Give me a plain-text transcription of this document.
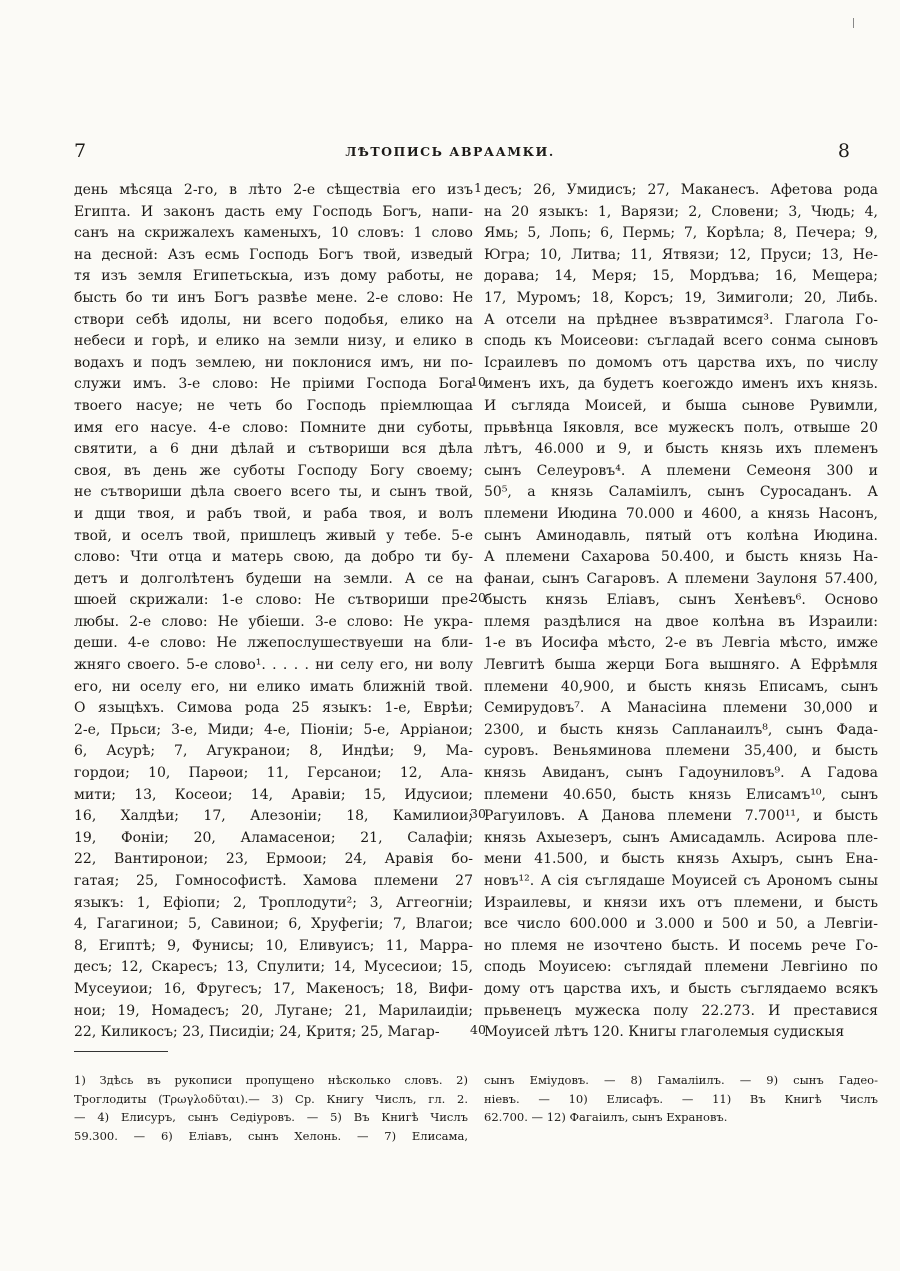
7	ЛѢТОПИСЬ АВРААМКИ.	8
день мѣсяца 2-го, в лѣто 2-е сѣществіа его изъ
Египта. И законъ дасть ему Господь Богъ, напи-
санъ на скрижалехъ каменыхъ, 10 словъ: 1 слово
на десной: Азъ есмь Господь Богъ твой, изведый
тя изъ земля Египетьскыа, изъ дому работы, не
бысть бо ти инъ Богъ развѣе мене. 2-е слово: Не
створи себѣ идолы, ни всего подобья, елико на
небеси и горѣ, и елико на земли низу, и елико в
водахъ и подъ землею, ни поклонися имъ, ни по-
служи имъ. 3-е слово: Не пріими Господа Бога
твоего насуе; не четь бо Господь пріемлющаа
имя его насуе. 4-е слово: Помните дни суботы,
святити, а 6 дни дѣлай и сътвориши вся дѣла
своя, въ день же суботы Господу Богу своему;
не сътвориши дѣла своего всего ты, и сынъ твой,
и дщи твоя, и рабъ твой, и раба твоя, и волъ
твой, и оселъ твой, пришлецъ живый у тебе. 5-е
слово: Чти отца и матерь свою, да добро ти бу-
детъ и долголѣтенъ будеши на земли. А се на
шюей скрижали: 1-е слово: Не сътвориши пре-
любы. 2-е слово: Не убіеши. 3-е слово: Не укра-
деши. 4-е слово: Не лжепослушествуеши на бли-
жняго своего. 5-е слово¹. . . . . ни селу его, ни волу
его, ни оселу его, ни елико имать ближній твой.
О языцѣхъ. Симова рода 25 языкъ: 1-е, Еврѣи;
2-е, Прьси; 3-е, Миди; 4-е, Піоніи; 5-е, Арріанои;
6, Асурѣ; 7, Агукранои; 8, Индѣи; 9, Ма-
гордои; 10, Парѳои; 11, Герсанои; 12, Ала-
мити; 13, Косеои; 14, Аравіи; 15, Идусиои;
16, Халдѣи; 17, Алезоніи; 18, Камилиои;
19, Фоніи; 20, Аламасенои; 21, Салафіи;
22, Вантиронои; 23, Ермоои; 24, Аравія бо-
гатая; 25, Гомнософистѣ. Хамова племени 27
языкъ: 1, Ефіопи; 2, Троплодути²; 3, Аггеогніи;
4, Гагагинои; 5, Савинои; 6, Хруфегіи; 7, Влагои;
8, Египтѣ; 9, Фунисы; 10, Еливуисъ; 11, Марра-
десъ; 12, Скаресъ; 13, Спулити; 14, Мусесиои; 15,
Мусеуиои; 16, Фругесъ; 17, Макеносъ; 18, Вифи-
нои; 19, Номадесъ; 20, Лугане; 21, Марилаидіи;
22, Киликосъ; 23, Писидіи; 24, Критя; 25, Магар-
1
10
20
30
40
десъ; 26, Умидисъ; 27, Маканесъ. Афетова рода
на 20 языкъ: 1, Варязи; 2, Словени; 3, Чюдь; 4,
Ямь; 5, Лопь; 6, Пермь; 7, Корѣла; 8, Печера; 9,
Югра; 10, Литва; 11, Ятвязи; 12, Пруси; 13, Не-
дорава; 14, Меря; 15, Мордъва; 16, Мещера;
17, Муромъ; 18, Корсъ; 19, Зимиголи; 20, Либь.
А отсели на прѣднее възвратимся³. Глагола Го-
сподь къ Моисеови: съгладай всего сонма сыновъ
Ісраилевъ по домомъ отъ царства ихъ, по числу
именъ ихъ, да будетъ коегождо именъ ихъ князь.
И съгляда Моисей, и быша сынове Рувимли,
прьвѣнца Іяковля, все мужескъ полъ, отвыше 20
лѣтъ, 46.000 и 9, и бысть князь ихъ племенъ
сынъ Селеуровъ⁴. А племени Семеоня 300 и
50⁵, а князь Саламіилъ, сынъ Суросаданъ. А
племени Июдина 70.000 и 4600, а князь Насонъ,
сынъ Аминодавль, пятый отъ колѣна Июдина.
А племени Сахарова 50.400, и бысть князь На-
фанаи, сынъ Сагаровъ. А племени Заулоня 57.400,
бысть князь Еліавъ, сынъ Хенѣевъ⁶. Осново
племя раздѣлися на двое колѣна въ Израили:
1-е въ Иосифа мѣсто, 2-е въ Левгіа мѣсто, имже
Левгитѣ быша жерци Бога вышняго. А Ефрѣмля
племени 40,900, и бысть князь Еписамъ, сынъ
Семирудовъ⁷. А Манасіина племени 30,000 и
2300, и бысть князь Сапланаилъ⁸, сынъ Фада-
суровъ. Веньяминова племени 35,400, и бысть
князь Авиданъ, сынъ Гадоуниловъ⁹. А Гадова
племени 40.650, бысть князь Елисамъ¹⁰, сынъ
Рагуиловъ. А Данова племени 7.700¹¹, и бысть
князь Ахыезеръ, сынъ Амисадамль. Асирова пле-
мени 41.500, и бысть князь Ахыръ, сынъ Ена-
новъ¹². А сія съглядаше Моуисей съ Арономъ сыны
Израилевы, и князи ихъ отъ племени, и бысть
все число 600.000 и 3.000 и 500 и 50, а Левгіи-
но племя не изочтено бысть. И посемь рече Го-
сподь Моуисею: съглядай племени Левгіино по
дому отъ царства ихъ, и бысть съглядаемо всякъ
прьвенецъ мужеска полу 22.273. И преставися
Моуисей лѣтъ 120. Книгы глаголемыя судискыя
1) Здѣсь въ рукописи пропущено нѣсколько словъ. 2)
Троглодиты (Τρωγλοδῦται).— 3) Ср. Книгу Числъ, гл. 2.
— 4) Елисуръ, сынъ Седіуровъ. — 5) Въ Книгѣ Числъ
59.300. — 6) Еліавъ, сынъ Хелонь. — 7) Елисама,
сынъ Еміудовъ. — 8) Гамаліилъ. — 9) сынъ Гадео-
ніевъ. — 10) Елисафъ. — 11) Въ Книгѣ Числъ
62.700. — 12) Фагаіилъ, сынъ Ехрановъ.
